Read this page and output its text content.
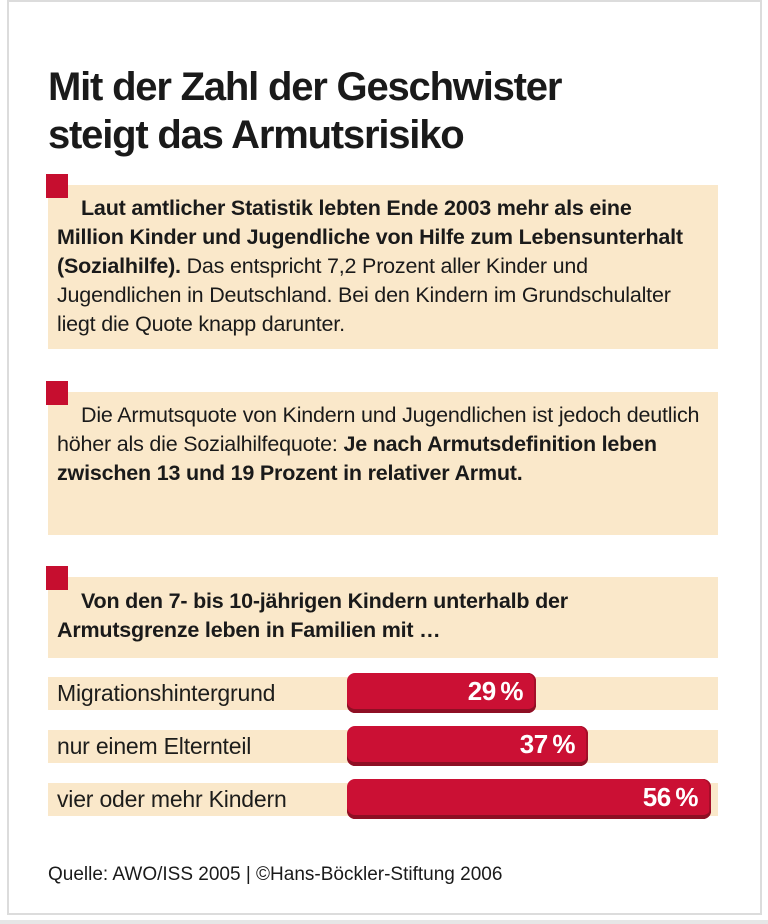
Mit der Zahl der Geschwister
steigt das Armutsrisiko

Laut amtlicher Statistik lebten Ende 2003 mehr als eine Million Kinder und Jugendliche von Hilfe zum Lebensunterhalt (Sozialhilfe). Das entspricht 7,2 Prozent aller Kinder und Jugendlichen in Deutschland. Bei den Kindern im Grundschulalter liegt die Quote knapp darunter.

Die Armutsquote von Kindern und Jugendlichen ist jedoch deutlich höher als die Sozialhilfequote: Je nach Armutsdefinition leben zwischen 13 und 19 Prozent in relativer Armut.

Von den 7- bis 10-jährigen Kindern unterhalb der Armutsgrenze leben in Familien mit …

Migrationshintergrund	29 %
nur einem Elternteil	37 %
vier oder mehr Kindern	56 %
Quelle: AWO/ISS 2005 | ©Hans-Böckler-Stiftung 2006
